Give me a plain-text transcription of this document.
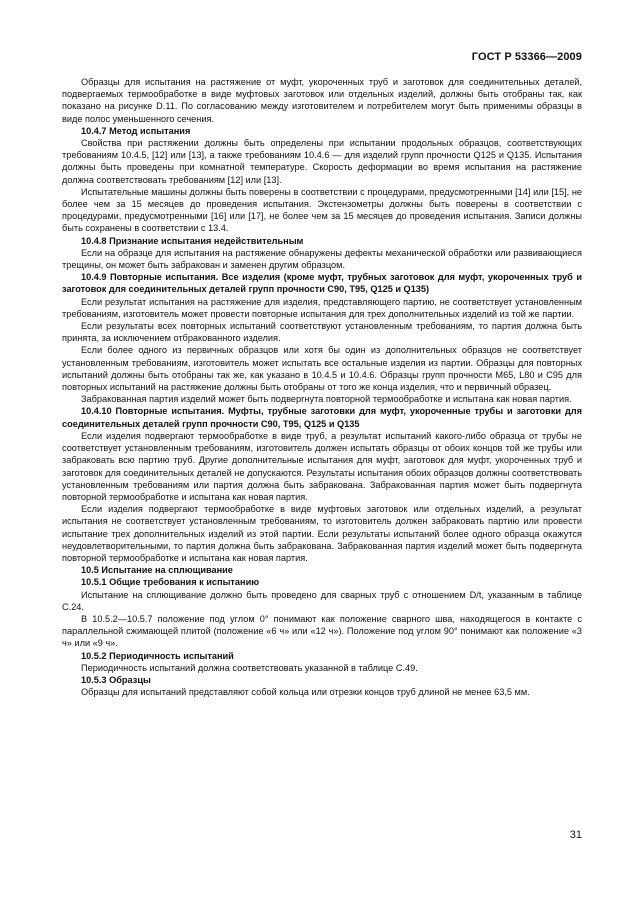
ГОСТ Р 53366—2009

Образцы для испытания на растяжение от муфт, укороченных труб и заготовок для соединительных деталей, подвергаемых термообработке в виде муфтовых заготовок или отдельных изделий, должны быть отобраны так, как показано на рисунке D.11. По согласованию между изготовителем и потребителем могут быть применимы образцы в виде полос уменьшенного сечения.

10.4.7 Метод испытания

Свойства при растяжении должны быть определены при испытании продольных образцов, соответствующих требованиям 10.4.5, [12] или [13], а также требованиям 10.4.6 — для изделий групп прочности Q125 и Q135. Испытания должны быть проведены при комнатной температуре. Скорость деформации во время испытания на растяжение должна соответствовать требованиям [12] или [13].

Испытательные машины должны быть поверены в соответствии с процедурами, предусмотренными [14] или [15], не более чем за 15 месяцев до проведения испытания. Экстензометры должны быть поверены в соответствии с процедурами, предусмотренными [16] или [17], не более чем за 15 месяцев до проведения испытания. Записи должны быть сохранены в соответствии с 13.4.

10.4.8 Признание испытания недействительным

Если на образце для испытания на растяжение обнаружены дефекты механической обработки или развивающиеся трещины, он может быть забракован и заменен другим образцом.

10.4.9 Повторные испытания. Все изделия (кроме муфт, трубных заготовок для муфт, укороченных труб и заготовок для соединительных деталей групп прочности C90, T95, Q125 и Q135)

Если результат испытания на растяжение для изделия, представляющего партию, не соответствует установленным требованиям, изготовитель может провести повторные испытания для трех дополнительных изделий из той же партии.

Если результаты всех повторных испытаний соответствуют установленным требованиям, то партия должна быть принята, за исключением отбракованного изделия.

Если более одного из первичных образцов или хотя бы один из дополнительных образцов не соответствует установленным требованиям, изготовитель может испытать все остальные изделия из партии. Образцы для повторных испытаний должны быть отобраны так же, как указано в 10.4.5 и 10.4.6. Образцы групп прочности M65, L80 и C95 для повторных испытаний на растяжение должны быть отобраны от того же конца изделия, что и первичный образец.

Забракованная партия изделий может быть подвергнута повторной термообработке и испытана как новая партия.

10.4.10 Повторные испытания. Муфты, трубные заготовки для муфт, укороченные трубы и заготовки для соединительных деталей групп прочности C90, T95, Q125 и Q135

Если изделия подвергают термообработке в виде труб, а результат испытаний какого-либо образца от трубы не соответствует установленным требованиям, изготовитель должен испытать образцы от обоих концов той же трубы или забраковать всю партию труб. Другие дополнительные испытания для муфт, заготовок для муфт, укороченных труб и заготовок для соединительных деталей не допускаются. Результаты испытания обоих образцов должны соответствовать установленным требованиям или партия должна быть забракована. Забракованная партия может быть подвергнута повторной термообработке и испытана как новая партия.

Если изделия подвергают термообработке в виде муфтовых заготовок или отдельных изделий, а результат испытания не соответствует установленным требованиям, то изготовитель должен забраковать партию или провести испытание трех дополнительных изделий из этой партии. Если результаты испытаний более одного образца окажутся неудовлетворительными, то партия должна быть забракована. Забракованная партия изделий может быть подвергнута повторной термообработке и испытана как новая партия.

10.5 Испытание на сплющивание

10.5.1 Общие требования к испытанию

Испытание на сплющивание должно быть проведено для сварных труб с отношением D/t, указанным в таблице C.24.

В 10.5.2—10.5.7 положение под углом 0° понимают как положение сварного шва, находящегося в контакте с параллельной сжимающей плитой (положение «6 ч» или «12 ч»). Положение под углом 90° понимают как положение «3 ч» или «9 ч».

10.5.2 Периодичность испытаний

Периодичность испытаний должна соответствовать указанной в таблице C.49.

10.5.3 Образцы

Образцы для испытаний представляют собой кольца или отрезки концов труб длиной не менее 63,5 мм.

31
